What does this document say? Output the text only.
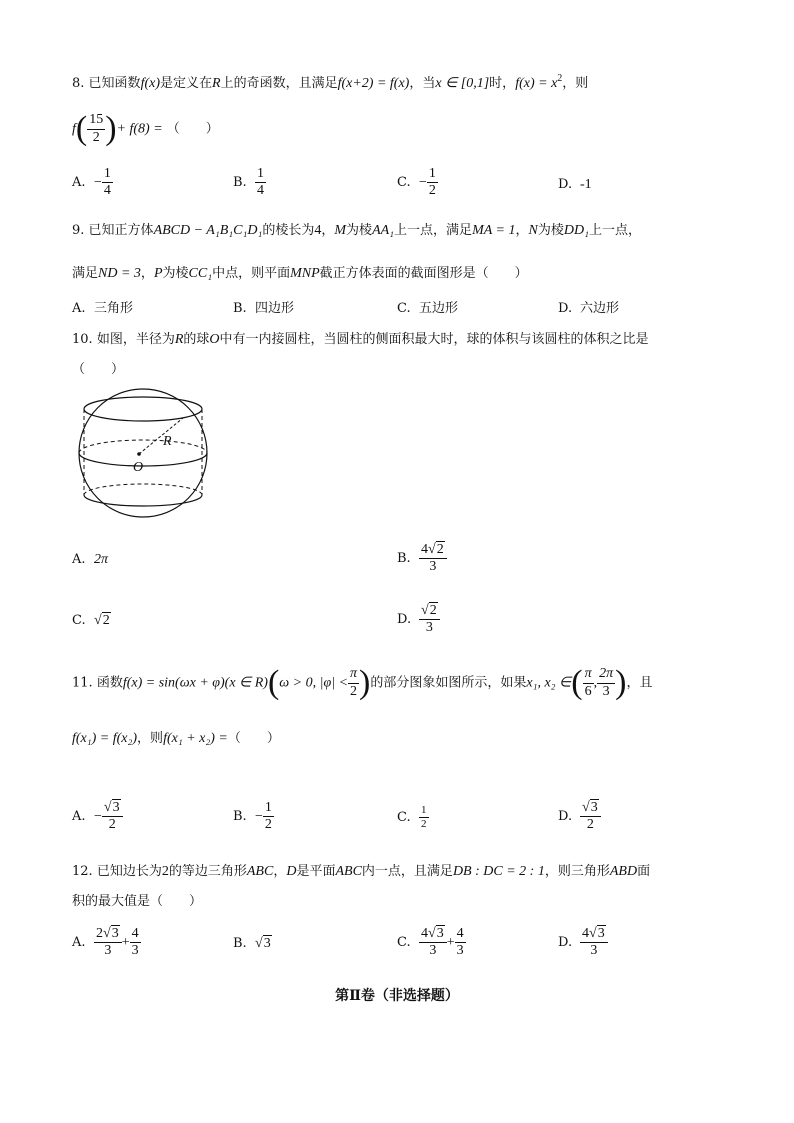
8. 已知函数f(x)是定义在R上的奇函数，且满足f(x+2) = f(x)，当x ∈ [0,1]时，$f(x) = x^2$，则
$f( \frac{15}{2}$ )+ f(8) = （　　）
A. − $\frac{1}{4}$	B. $\frac{1}{4}$	C. − $\frac{1}{2}$	D. -1
9. 已知正方体ABCD − A₁B₁C₁D₁的棱长为4，M为棱AA₁上一点，满足MA = 1，N为棱DD₁上一点，
满足ND = 3，P为棱CC₁中点，则平面MNP截正方体表面的截面图形是（　　）
A. 三角形	B. 四边形	C. 五边形	D. 六边形
10. 如图，半径为R的球O中有一内接圆柱，当圆柱的侧面积最大时，球的体积与该圆柱的体积之比是
（　　）
R
O
A. 2π	B. $\frac{4√2}{3}$
C. √2	D. $\frac{√2}{3}$
11. 函数f(x) = sin(ωx + φ)(x ∈ R)(ω > 0, $|\varphi| < \frac{\pi}{2}$ )的部分图象如图所示，如果x₁, x₂ ∈( $\frac{\pi}{6}$ , $\frac{2\pi}{3}$ )，且
f(x₁) = f(x₂)，则f(x₁ + x₂) =（　　）
A. − $\frac{√3}{2}$	B. − $\frac{1}{2}$	C. $\frac{1}{2}$	D. $\frac{√3}{2}$
12. 已知边长为2的等边三角形ABC，D是平面ABC内一点，且满足DB : DC = 2 : 1，则三角形ABD面
积的最大值是（　　）
A. $\frac{2√3}{3} + \frac{4}{3}$	B. √3	C. $\frac{4√3}{3} + \frac{4}{3}$	D. $\frac{4√3}{3}$
第Ⅱ卷（非选择题）
